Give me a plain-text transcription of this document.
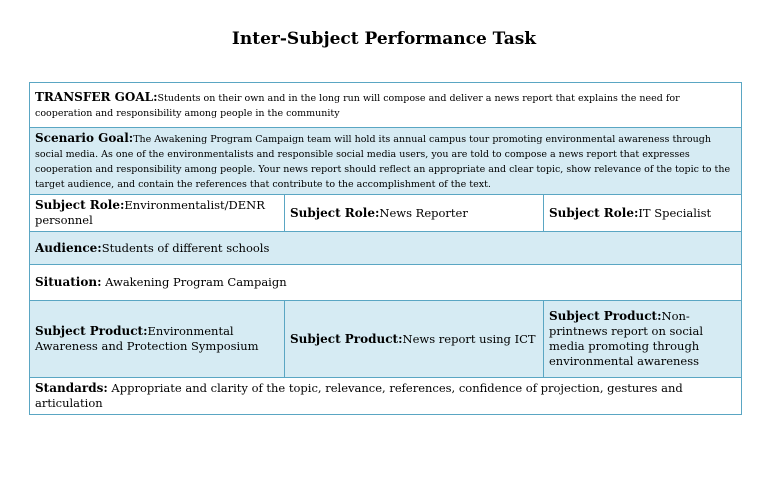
Inter-Subject Performance Task
TRANSFER GOAL:Students on their own and in the long run will compose and deliver a news report that explains the need for cooperation and responsibility among people in the community		
Scenario Goal:The Awakening Program Campaign team will hold its annual campus tour promoting environmental awareness through social media. As one of the environmentalists and responsible social media users, you are told to compose a news report that expresses cooperation and responsibility among people. Your news report should reflect an appropriate and clear topic, show relevance of the topic to the target audience, and contain the references that contribute to the accomplishment of the text.		
Subject Role:Environmentalist/DENR personnel	Subject Role:News Reporter	Subject Role:IT Specialist
Audience:Students of different schools		
Situation: Awakening Program Campaign		
Subject Product:Environmental Awareness and Protection Symposium	Subject Product:News report using ICT	Subject Product:Non-printnews report on social media promoting through environmental awareness
Standards: Appropriate and clarity of the topic, relevance, references, confidence of projection, gestures and articulation		
